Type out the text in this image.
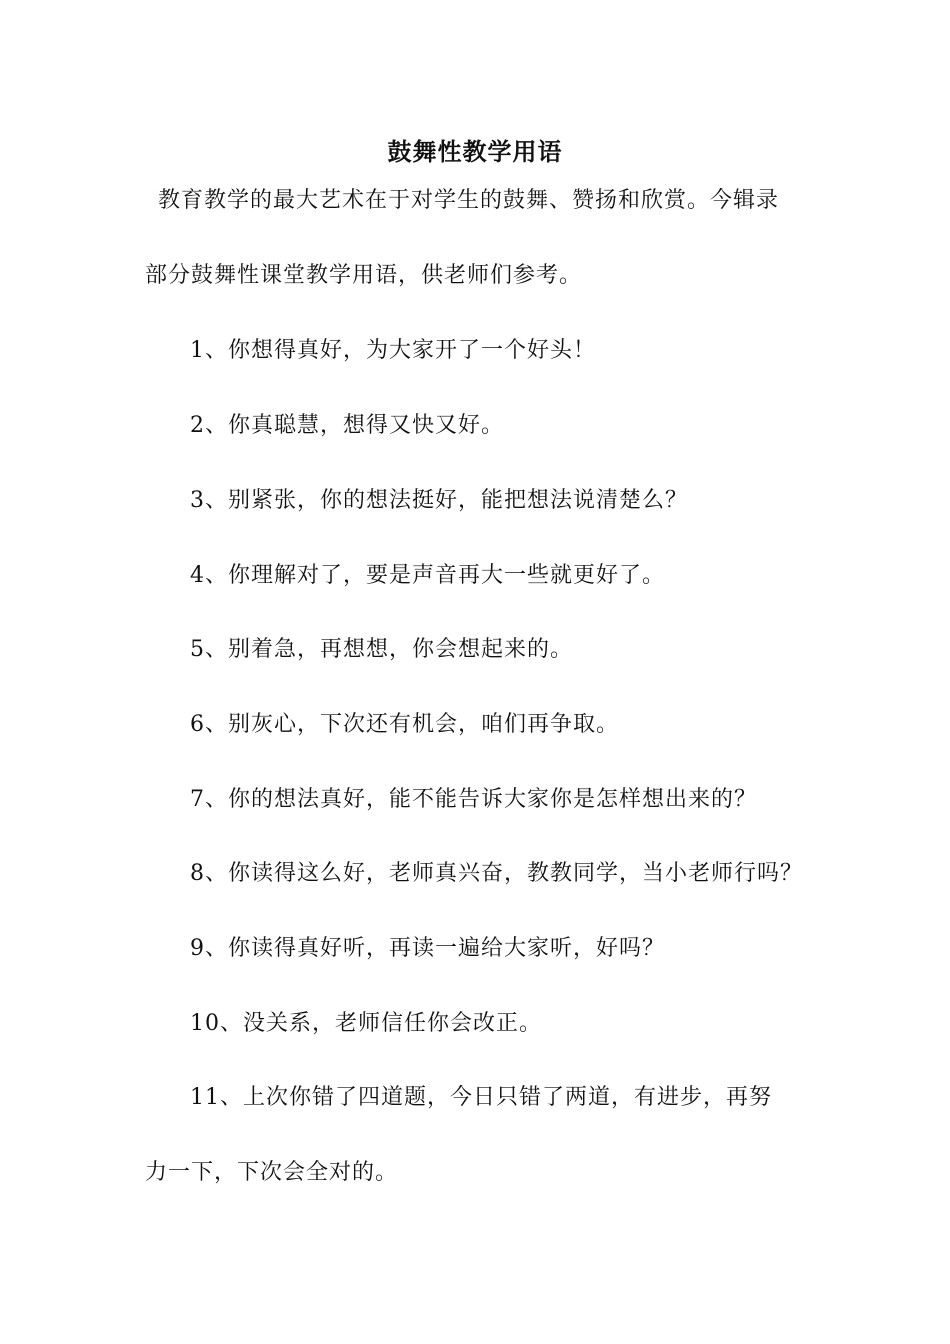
鼓舞性教学用语
教育教学的最大艺术在于对学生的鼓舞、赞扬和欣赏。今辑录
部分鼓舞性课堂教学用语，供老师们参考。
1、你想得真好，为大家开了一个好头！
2、你真聪慧，想得又快又好。
3、别紧张，你的想法挺好，能把想法说清楚么？
4、你理解对了，要是声音再大一些就更好了。
5、别着急，再想想，你会想起来的。
6、别灰心，下次还有机会，咱们再争取。
7、你的想法真好，能不能告诉大家你是怎样想出来的？
8、你读得这么好，老师真兴奋，教教同学，当小老师行吗？
9、你读得真好听，再读一遍给大家听，好吗？
10、没关系，老师信任你会改正。
11、上次你错了四道题，今日只错了两道，有进步，再努
力一下，下次会全对的。
